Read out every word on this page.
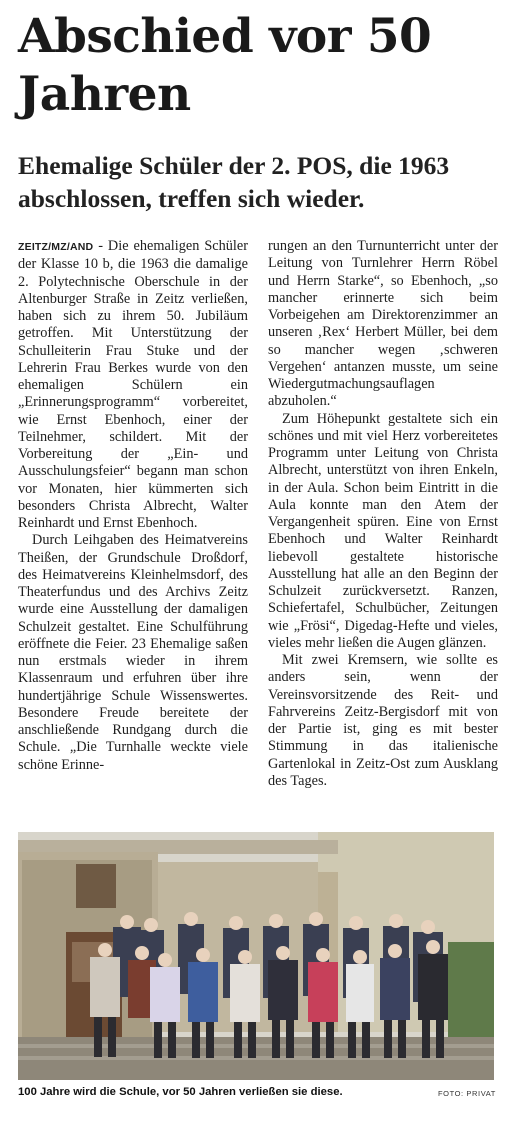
Abschied vor 50 Jahren
Ehemalige Schüler der 2. POS, die 1963 abschlossen, treffen sich wieder.

ZEITZ/MZ/AND - Die ehemaligen Schüler der Klasse 10 b, die 1963 die damalige 2. Polytechnische Oberschule in der Altenburger Straße in Zeitz verließen, haben sich zu ihrem 50. Jubiläum getroffen. Mit Unterstützung der Schulleiterin Frau Stuke und der Lehrerin Frau Berkes wurde von den ehemaligen Schülern ein „Erinnerungsprogramm“ vorbereitet, wie Ernst Ebenhoch, einer der Teilnehmer, schildert. Mit der Vorbereitung der „Ein- und Ausschulungsfeier“ begann man schon vor Monaten, hier kümmerten sich besonders Christa Albrecht, Walter Reinhardt und Ernst Ebenhoch.

Durch Leihgaben des Heimatvereins Theißen, der Grundschule Droßdorf, des Heimatvereins Kleinhelmsdorf, des Theaterfundus und des Archivs Zeitz wurde eine Ausstellung der damaligen Schulzeit gestaltet. Eine Schulführung eröffnete die Feier. 23 Ehemalige saßen nun erstmals wieder in ihrem Klassenraum und erfuhren über ihre hundertjährige Schule Wissenswertes. Besondere Freude bereitete der anschließende Rundgang durch die Schule. „Die Turnhalle weckte viele schöne Erinne-

rungen an den Turnunterricht unter der Leitung von Turnlehrer Herrn Röbel und Herrn Starke“, so Ebenhoch, „so mancher erinnerte sich beim Vorbeigehen am Direktorenzimmer an unseren ‚Rex‘ Herbert Müller, bei dem so mancher wegen ‚schweren Vergehen‘ antanzen musste, um seine Wiedergutmachungsauflagen abzuholen.“

Zum Höhepunkt gestaltete sich ein schönes und mit viel Herz vorbereitetes Programm unter Leitung von Christa Albrecht, unterstützt von ihren Enkeln, in der Aula. Schon beim Eintritt in die Aula konnte man den Atem der Vergangenheit spüren. Eine von Ernst Ebenhoch und Walter Reinhardt liebevoll gestaltete historische Ausstellung hat alle an den Beginn der Schulzeit zurückversetzt. Ranzen, Schiefertafel, Schulbücher, Zeitungen wie „Frösi“, Digedag-Hefte und vieles, vieles mehr ließen die Augen glänzen.

Mit zwei Kremsern, wie sollte es anders sein, wenn der Vereinsvorsitzende des Reit- und Fahrvereins Zeitz-Bergisdorf mit von der Partie ist, ging es mit bester Stimmung in das italienische Gartenlokal in Zeitz-Ost zum Ausklang des Tages.

100 Jahre wird die Schule, vor 50 Jahren verließen sie diese.	FOTO: PRIVAT
